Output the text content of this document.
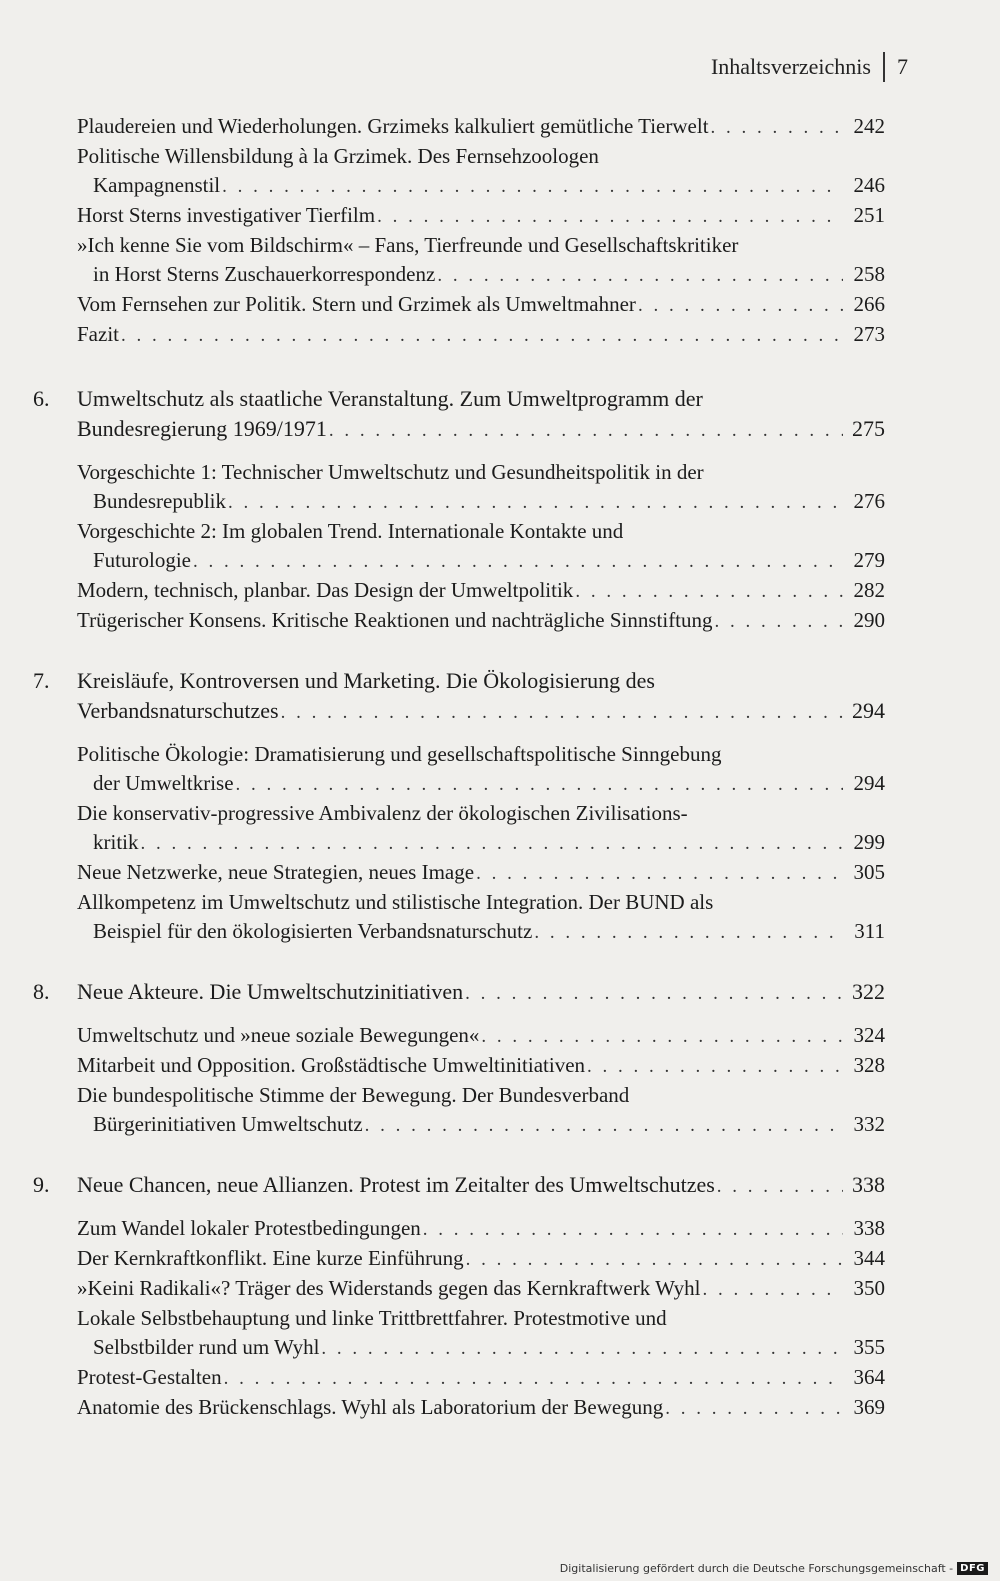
Inhaltsverzeichnis 7
Plaudereien und Wiederholungen. Grzimeks kalkuliert gemütliche Tierwelt . . .	242
Politische Willensbildung à la Grzimek. Des Fernsehzoologen
Kampagnenstil . . .	246
Horst Sterns investigativer Tierfilm . . .	251
»Ich kenne Sie vom Bildschirm« – Fans, Tierfreunde und Gesellschaftskritiker
in Horst Sterns Zuschauerkorrespondenz . . .	258
Vom Fernsehen zur Politik. Stern und Grzimek als Umweltmahner . . .	266
Fazit . . .	273
6. Umweltschutz als staatliche Veranstaltung. Zum Umweltprogramm der
Bundesregierung 1969/1971 . . .	275
Vorgeschichte 1: Technischer Umweltschutz und Gesundheitspolitik in der
Bundesrepublik . . .	276
Vorgeschichte 2: Im globalen Trend. Internationale Kontakte und
Futurologie . . .	279
Modern, technisch, planbar. Das Design der Umweltpolitik . . .	282
Trügerischer Konsens. Kritische Reaktionen und nachträgliche Sinnstiftung . . .	290
7. Kreisläufe, Kontroversen und Marketing. Die Ökologisierung des
Verbandsnaturschutzes . . .	294
Politische Ökologie: Dramatisierung und gesellschaftspolitische Sinngebung
der Umweltkrise . . .	294
Die konservativ-progressive Ambivalenz der ökologischen Zivilisations-
kritik . . .	299
Neue Netzwerke, neue Strategien, neues Image . . .	305
Allkompetenz im Umweltschutz und stilistische Integration. Der BUND als
Beispiel für den ökologisierten Verbandsnaturschutz . . .	311
8. Neue Akteure. Die Umweltschutzinitiativen . . .	322
Umweltschutz und »neue soziale Bewegungen« . . .	324
Mitarbeit und Opposition. Großstädtische Umweltinitiativen . . .	328
Die bundespolitische Stimme der Bewegung. Der Bundesverband
Bürgerinitiativen Umweltschutz . . .	332
9. Neue Chancen, neue Allianzen. Protest im Zeitalter des Umweltschutzes . . .	338
Zum Wandel lokaler Protestbedingungen . . .	338
Der Kernkraftkonflikt. Eine kurze Einführung . . .	344
»Keini Radikali«? Träger des Widerstands gegen das Kernkraftwerk Wyhl . . .	350
Lokale Selbstbehauptung und linke Trittbrettfahrer. Protestmotive und
Selbstbilder rund um Wyhl . . .	355
Protest-Gestalten . . .	364
Anatomie des Brückenschlags. Wyhl als Laboratorium der Bewegung . . .	369
Digitalisierung gefördert durch die Deutsche Forschungsgemeinschaft - DFG
